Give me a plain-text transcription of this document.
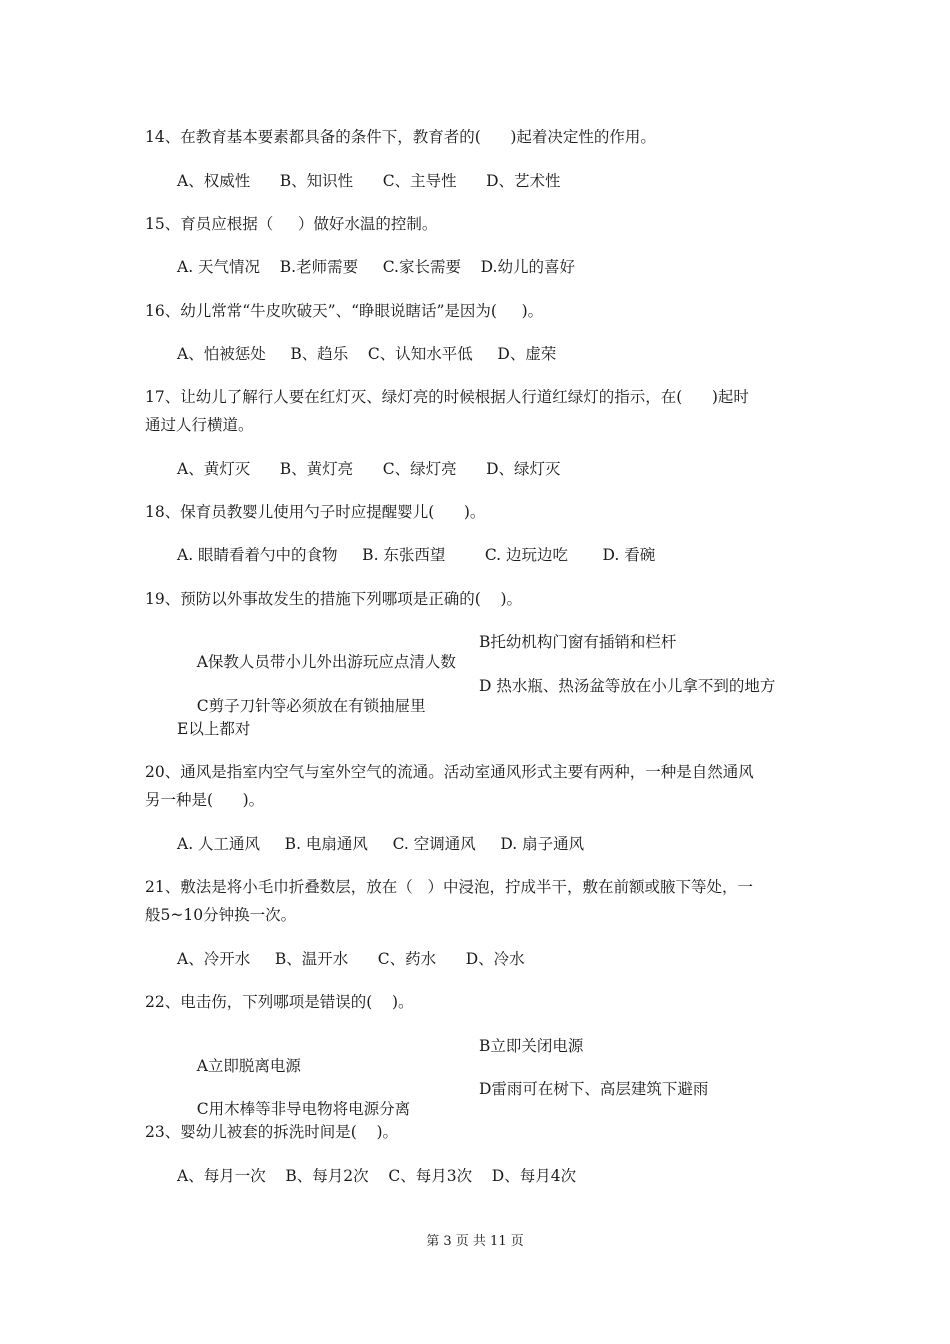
14、在教育基本要素都具备的条件下，教育者的(      )起着决定性的作用。
A、权威性      B、知识性      C、主导性      D、艺术性
15、育员应根据（     ）做好水温的控制。
A. 天气情况    B.老师需要     C.家长需要    D.幼儿的喜好
16、幼儿常常“牛皮吹破天”、“睁眼说瞎话”是因为(     )。
A、怕被惩处     B、趋乐    C、认知水平低     D、虚荣
17、让幼儿了解行人要在红灯灭、绿灯亮的时候根据人行道红绿灯的指示，在(      )起时
通过人行横道。
A、黄灯灭      B、黄灯亮      C、绿灯亮      D、绿灯灭
18、保育员教婴儿使用勺子时应提醒婴儿(      )。
A. 眼睛看着勺中的食物     B. 东张西望        C. 边玩边吃       D. 看碗
19、预防以外事故发生的措施下列哪项是正确的(    )。

A保教人员带小儿外出游玩应点清人数

B托幼机构门窗有插销和栏杆

C剪子刀针等必须放在有锁抽屉里

D 热水瓶、热汤盆等放在小儿拿不到的地方

E以上都对
20、通风是指室内空气与室外空气的流通。活动室通风形式主要有两种，一种是自然通风
另一种是(      )。
A. 人工通风     B. 电扇通风     C. 空调通风     D. 扇子通风
21、敷法是将小毛巾折叠数层，放在（   ）中浸泡，拧成半干，敷在前额或腋下等处，一
般5~10分钟换一次。
A、冷开水     B、温开水      C、药水      D、冷水
22、电击伤，下列哪项是错误的(    )。

A立即脱离电源

B立即关闭电源

C用木棒等非导电物将电源分离

D雷雨可在树下、高层建筑下避雨

23、婴幼儿被套的拆洗时间是(    )。
A、每月一次    B、每月2次    C、每月3次    D、每月4次
第 3 页 共 11 页
